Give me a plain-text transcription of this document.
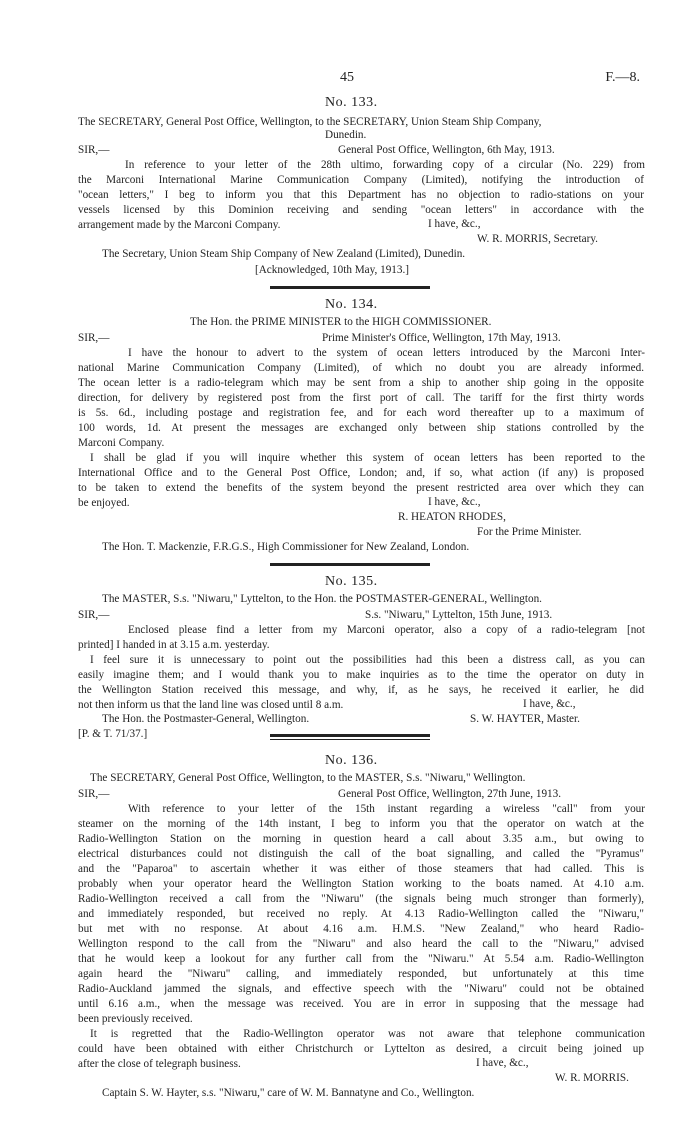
45	F.—8.
No. 133.
The SECRETARY, General Post Office, Wellington, to the SECRETARY, Union Steam Ship Company,
Dunedin.
SIR,—	General Post Office, Wellington, 6th May, 1913.
In reference to your letter of the 28th ultimo, forwarding copy of a circular (No. 229) from
the Marconi International Marine Communication Company (Limited), notifying the introduction of
"ocean letters," I beg to inform you that this Department has no objection to radio-stations on your
vessels licensed by this Dominion receiving and sending "ocean letters" in accordance with the
arrangement made by the Marconi Company.	I have, &c.,
W. R. MORRIS, Secretary.
The Secretary, Union Steam Ship Company of New Zealand (Limited), Dunedin.
[Acknowledged, 10th May, 1913.]
No. 134.
The Hon. the PRIME MINISTER to the HIGH COMMISSIONER.
SIR,—	Prime Minister's Office, Wellington, 17th May, 1913.
I have the honour to advert to the system of ocean letters introduced by the Marconi Inter-
national Marine Communication Company (Limited), of which no doubt you are already informed.
The ocean letter is a radio-telegram which may be sent from a ship to another ship going in the opposite
direction, for delivery by registered post from the first port of call. The tariff for the first thirty words
is 5s. 6d., including postage and registration fee, and for each word thereafter up to a maximum of
100 words, 1d. At present the messages are exchanged only between ship stations controlled by the
Marconi Company.
I shall be glad if you will inquire whether this system of ocean letters has been reported to the
International Office and to the General Post Office, London; and, if so, what action (if any) is proposed
to be taken to extend the benefits of the system beyond the present restricted area over which they can
be enjoyed.	I have, &c.,
R. HEATON RHODES,
For the Prime Minister.
The Hon. T. Mackenzie, F.R.G.S., High Commissioner for New Zealand, London.
No. 135.
The MASTER, S.s. "Niwaru," Lyttelton, to the Hon. the POSTMASTER-GENERAL, Wellington.
SIR,—	S.s. "Niwaru," Lyttelton, 15th June, 1913.
Enclosed please find a letter from my Marconi operator, also a copy of a radio-telegram [not
printed] I handed in at 3.15 a.m. yesterday.
I feel sure it is unnecessary to point out the possibilities had this been a distress call, as you can
easily imagine them; and I would thank you to make inquiries as to the time the operator on duty in
the Wellington Station received this message, and why, if, as he says, he received it earlier, he did
not then inform us that the land line was closed until 8 a.m.	I have, &c.,
The Hon. the Postmaster-General, Wellington.	S. W. HAYTER, Master.
[P. & T. 71/37.]
No. 136.
The SECRETARY, General Post Office, Wellington, to the MASTER, S.s. "Niwaru," Wellington.
SIR,—	General Post Office, Wellington, 27th June, 1913.
With reference to your letter of the 15th instant regarding a wireless "call" from your
steamer on the morning of the 14th instant, I beg to inform you that the operator on watch at the
Radio-Wellington Station on the morning in question heard a call about 3.35 a.m., but owing to
electrical disturbances could not distinguish the call of the boat signalling, and called the "Pyramus"
and the "Paparoa" to ascertain whether it was either of those steamers that had called. This is
probably when your operator heard the Wellington Station working to the boats named. At 4.10 a.m.
Radio-Wellington received a call from the "Niwaru" (the signals being much stronger than formerly),
and immediately responded, but received no reply. At 4.13 Radio-Wellington called the "Niwaru,"
but met with no response. At about 4.16 a.m. H.M.S. "New Zealand," who heard Radio-
Wellington respond to the call from the "Niwaru" and also heard the call to the "Niwaru," advised
that he would keep a lookout for any further call from the "Niwaru." At 5.54 a.m. Radio-Wellington
again heard the "Niwaru" calling, and immediately responded, but unfortunately at this time
Radio-Auckland jammed the signals, and effective speech with the "Niwaru" could not be obtained
until 6.16 a.m., when the message was received. You are in error in supposing that the message had
been previously received.
It is regretted that the Radio-Wellington operator was not aware that telephone communication
could have been obtained with either Christchurch or Lyttelton as desired, a circuit being joined up
after the close of telegraph business.	I have, &c.,
W. R. MORRIS.
Captain S. W. Hayter, s.s. "Niwaru," care of W. M. Bannatyne and Co., Wellington.
